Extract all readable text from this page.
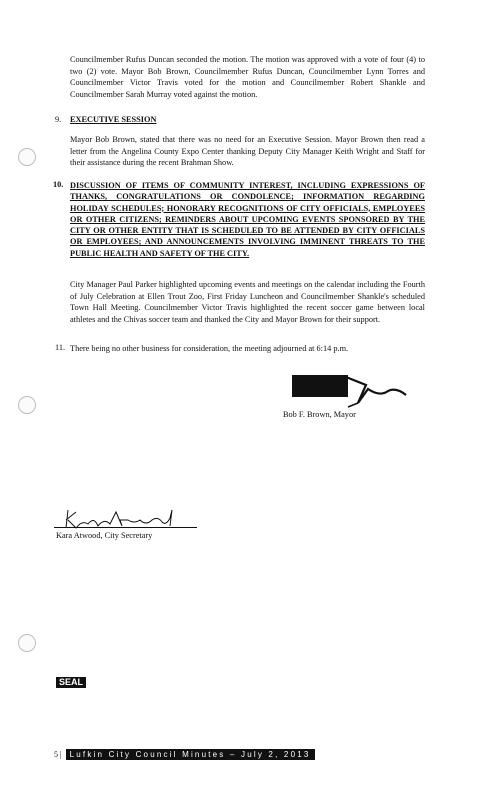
Councilmember Rufus Duncan seconded the motion. The motion was approved with a vote of four (4) to two (2) vote. Mayor Bob Brown, Councilmember Rufus Duncan, Councilmember Lynn Torres and Councilmember Victor Travis voted for the motion and Councilmember Robert Shankle and Councilmember Sarah Murray voted against the motion.
9. EXECUTIVE SESSION
Mayor Bob Brown, stated that there was no need for an Executive Session. Mayor Brown then read a letter from the Angelina County Expo Center thanking Deputy City Manager Keith Wright and Staff for their assistance during the recent Brahman Show.
10. DISCUSSION OF ITEMS OF COMMUNITY INTEREST, INCLUDING EXPRESSIONS OF THANKS, CONGRATULATIONS OR CONDOLENCE; INFORMATION REGARDING HOLIDAY SCHEDULES; HONORARY RECOGNITIONS OF CITY OFFICIALS, EMPLOYEES OR OTHER CITIZENS; REMINDERS ABOUT UPCOMING EVENTS SPONSORED BY THE CITY OR OTHER ENTITY THAT IS SCHEDULED TO BE ATTENDED BY CITY OFFICIALS OR EMPLOYEES; AND ANNOUNCEMENTS INVOLVING IMMINENT THREATS TO THE PUBLIC HEALTH AND SAFETY OF THE CITY.
City Manager Paul Parker highlighted upcoming events and meetings on the calendar including the Fourth of July Celebration at Ellen Trout Zoo, First Friday Luncheon and Councilmember Shankle's scheduled Town Hall Meeting. Councilmember Victor Travis highlighted the recent soccer game between local athletes and the Chivas soccer team and thanked the City and Mayor Brown for their support.
11. There being no other business for consideration, the meeting adjourned at 6:14 p.m.
Bob F. Brown, Mayor
Kara Atwood, City Secretary
SEAL
5 | Lufkin City Council Minutes – July 2, 2013
